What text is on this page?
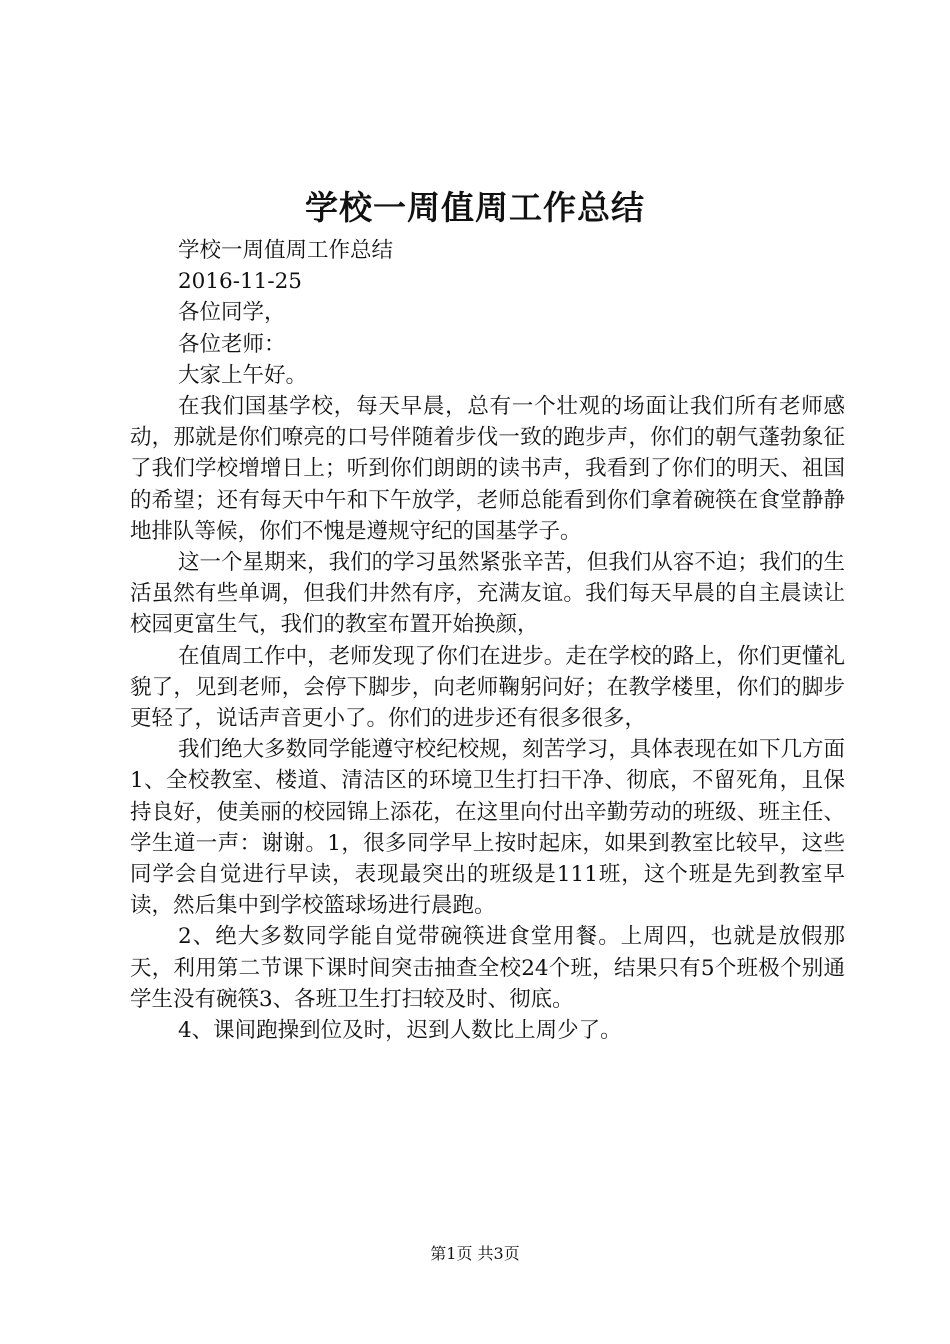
学校一周值周工作总结

学校一周值周工作总结

2016-11-25

各位同学，

各位老师：

大家上午好。

在我们国基学校，每天早晨，总有一个壮观的场面让我们所有老师感动，那就是你们嘹亮的口号伴随着步伐一致的跑步声，你们的朝气蓬勃象征了我们学校增增日上；听到你们朗朗的读书声，我看到了你们的明天、祖国的希望；还有每天中午和下午放学，老师总能看到你们拿着碗筷在食堂静静地排队等候，你们不愧是遵规守纪的国基学子。

这一个星期来，我们的学习虽然紧张辛苦，但我们从容不迫；我们的生活虽然有些单调，但我们井然有序，充满友谊。我们每天早晨的自主晨读让校园更富生气，我们的教室布置开始换颜，

在值周工作中，老师发现了你们在进步。走在学校的路上，你们更懂礼貌了，见到老师，会停下脚步，向老师鞠躬问好；在教学楼里，你们的脚步更轻了，说话声音更小了。你们的进步还有很多很多，

我们绝大多数同学能遵守校纪校规，刻苦学习，具体表现在如下几方面1、全校教室、楼道、清洁区的环境卫生打扫干净、彻底，不留死角，且保持良好，使美丽的校园锦上添花，在这里向付出辛勤劳动的班级、班主任、学生道一声：谢谢。1，很多同学早上按时起床，如果到教室比较早，这些同学会自觉进行早读，表现最突出的班级是111班，这个班是先到教室早读，然后集中到学校篮球场进行晨跑。

2、绝大多数同学能自觉带碗筷进食堂用餐。上周四，也就是放假那天，利用第二节课下课时间突击抽查全校24个班，结果只有5个班极个别通学生没有碗筷3、各班卫生打扫较及时、彻底。

4、课间跑操到位及时，迟到人数比上周少了。

第1页 共3页
